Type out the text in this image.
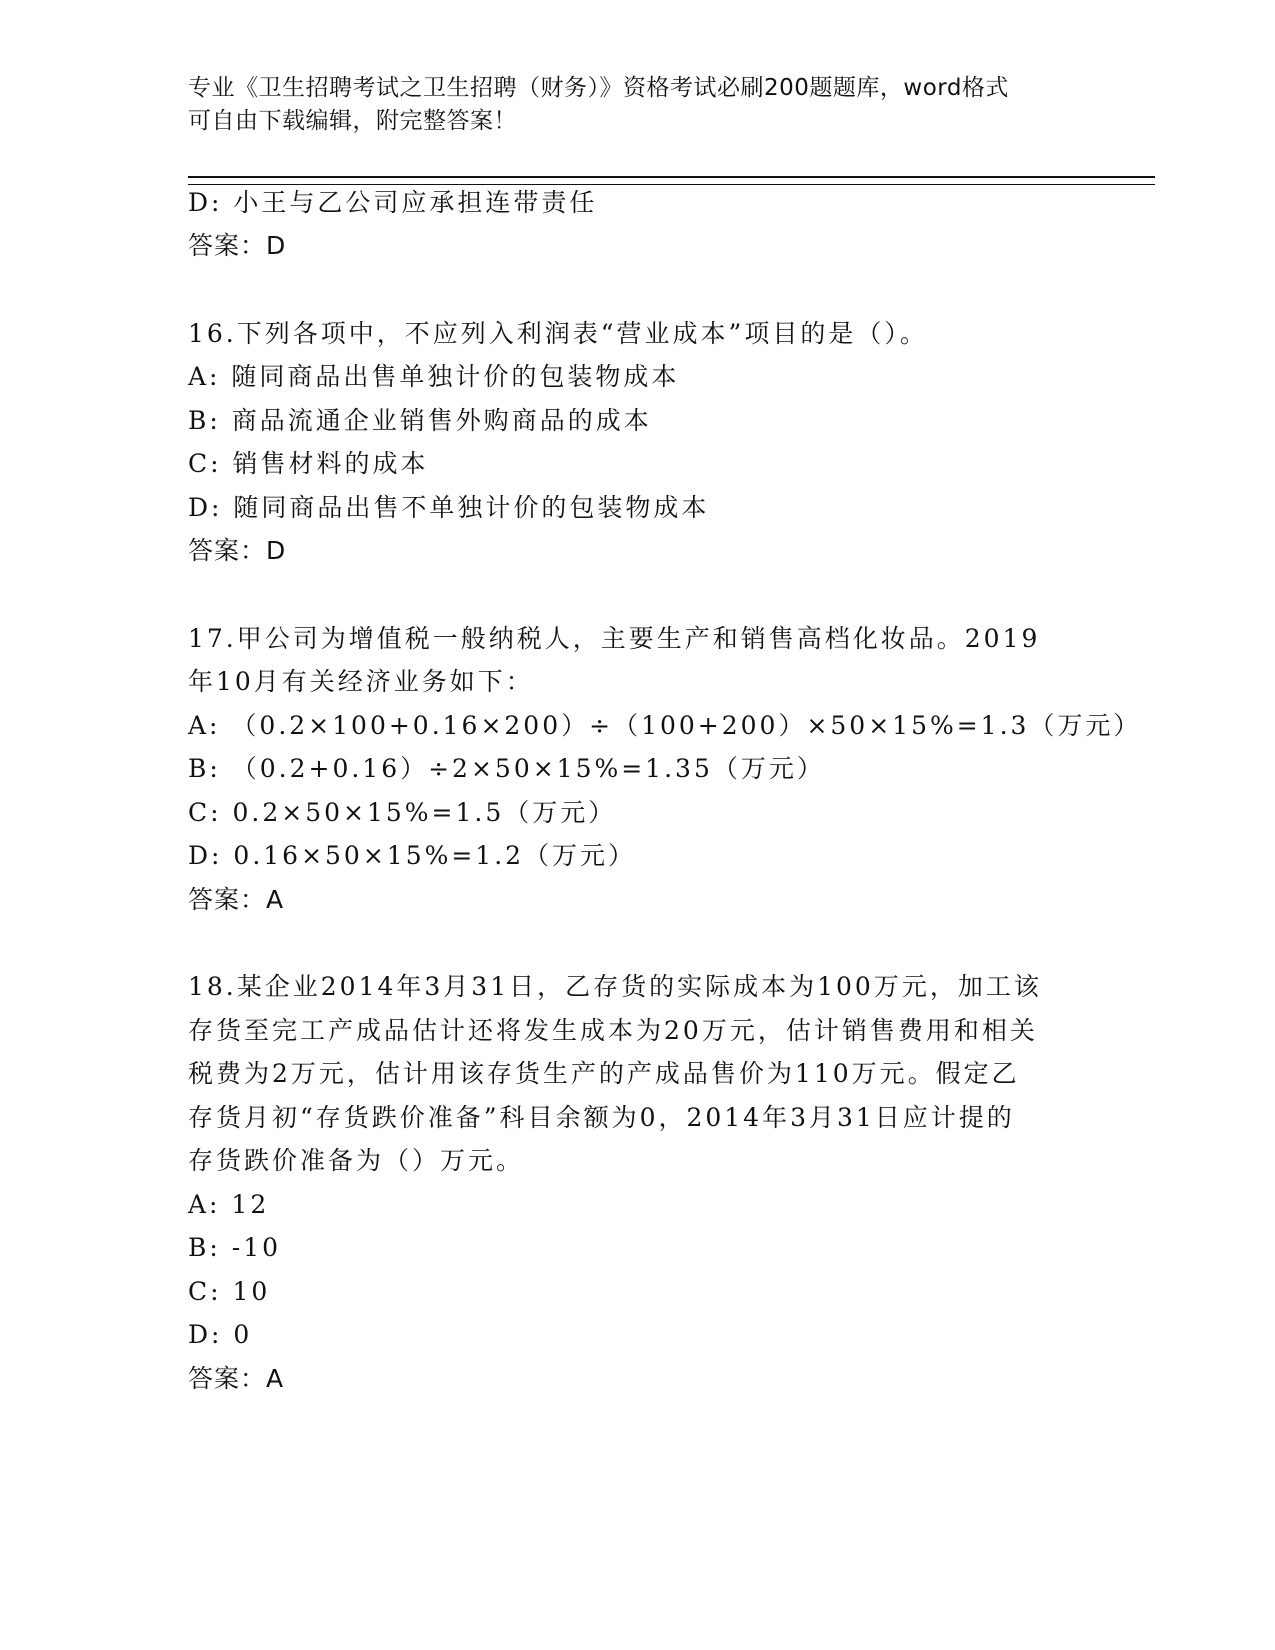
专业《卫生招聘考试之卫生招聘（财务）》资格考试必刷200题题库，word格式
可自由下载编辑，附完整答案！
D: 小王与乙公司应承担连带责任
答案：D
16.下列各项中，不应列入利润表“营业成本”项目的是（）。
A: 随同商品出售单独计价的包装物成本
B: 商品流通企业销售外购商品的成本
C: 销售材料的成本
D: 随同商品出售不单独计价的包装物成本
答案：D
17.甲公司为增值税一般纳税人，主要生产和销售高档化妆品。2019
年10月有关经济业务如下：
A: （0.2×100+0.16×200）÷（100+200）×50×15%=1.3（万元）
B: （0.2+0.16）÷2×50×15%=1.35（万元）
C: 0.2×50×15%=1.5（万元）
D: 0.16×50×15%=1.2（万元）
答案：A
18.某企业2014年3月31日，乙存货的实际成本为100万元，加工该
存货至完工产成品估计还将发生成本为20万元，估计销售费用和相关
税费为2万元，估计用该存货生产的产成品售价为110万元。假定乙
存货月初“存货跌价准备”科目余额为0，2014年3月31日应计提的
存货跌价准备为（）万元。
A: 12
B: -10
C: 10
D: 0
答案：A
